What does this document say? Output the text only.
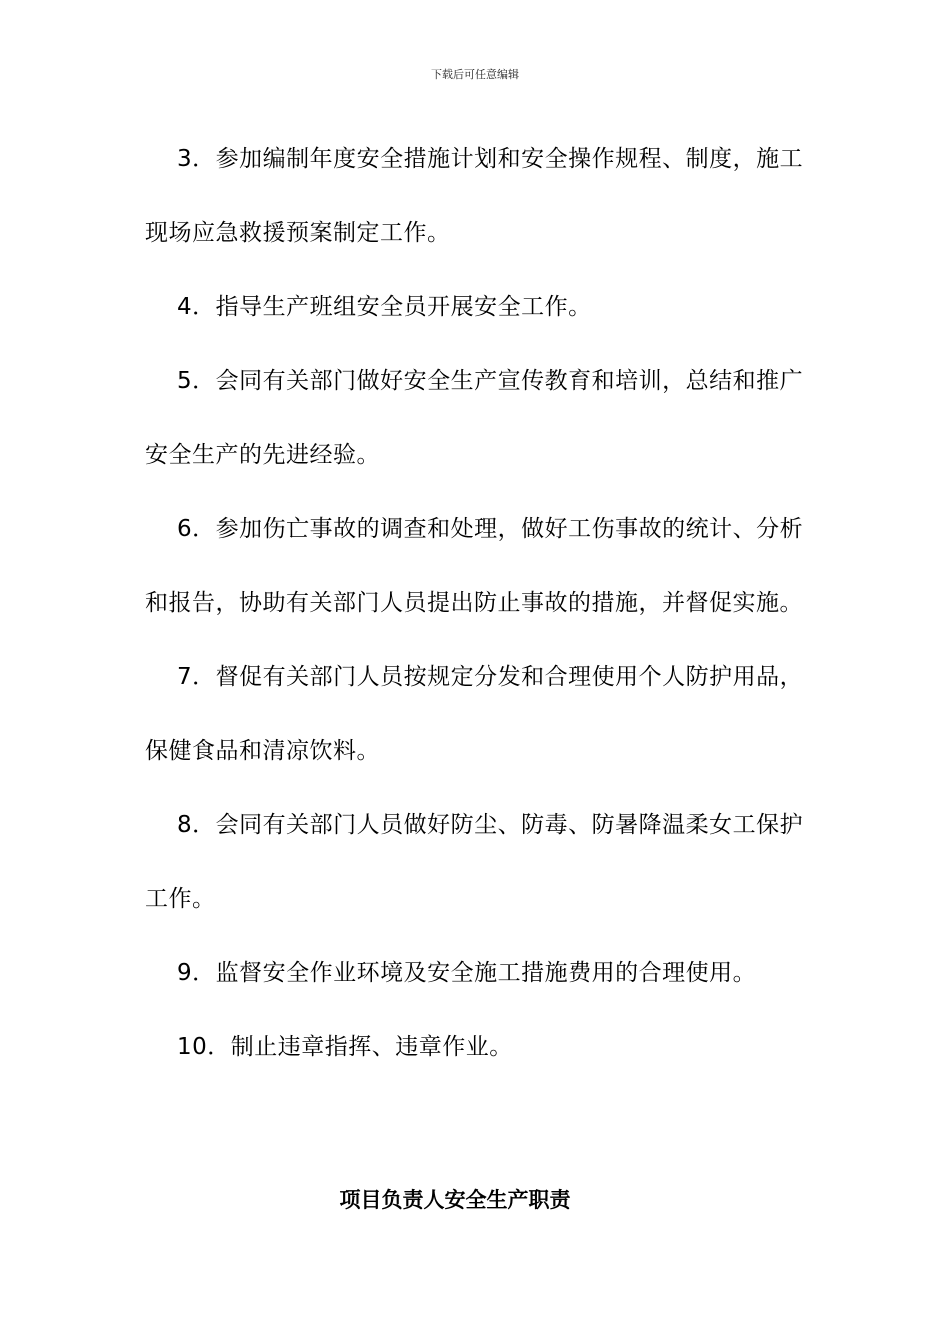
下载后可任意编辑

3．参加编制年度安全措施计划和安全操作规程、制度，施工现场应急救援预案制定工作。

4．指导生产班组安全员开展安全工作。

5．会同有关部门做好安全生产宣传教育和培训，总结和推广安全生产的先进经验。

6．参加伤亡事故的调查和处理，做好工伤事故的统计、分析和报告，协助有关部门人员提出防止事故的措施，并督促实施。

7．督促有关部门人员按规定分发和合理使用个人防护用品，保健食品和清凉饮料。

8．会同有关部门人员做好防尘、防毒、防暑降温柔女工保护工作。

9．监督安全作业环境及安全施工措施费用的合理使用。

10．制止违章指挥、违章作业。

项目负责人安全生产职责
